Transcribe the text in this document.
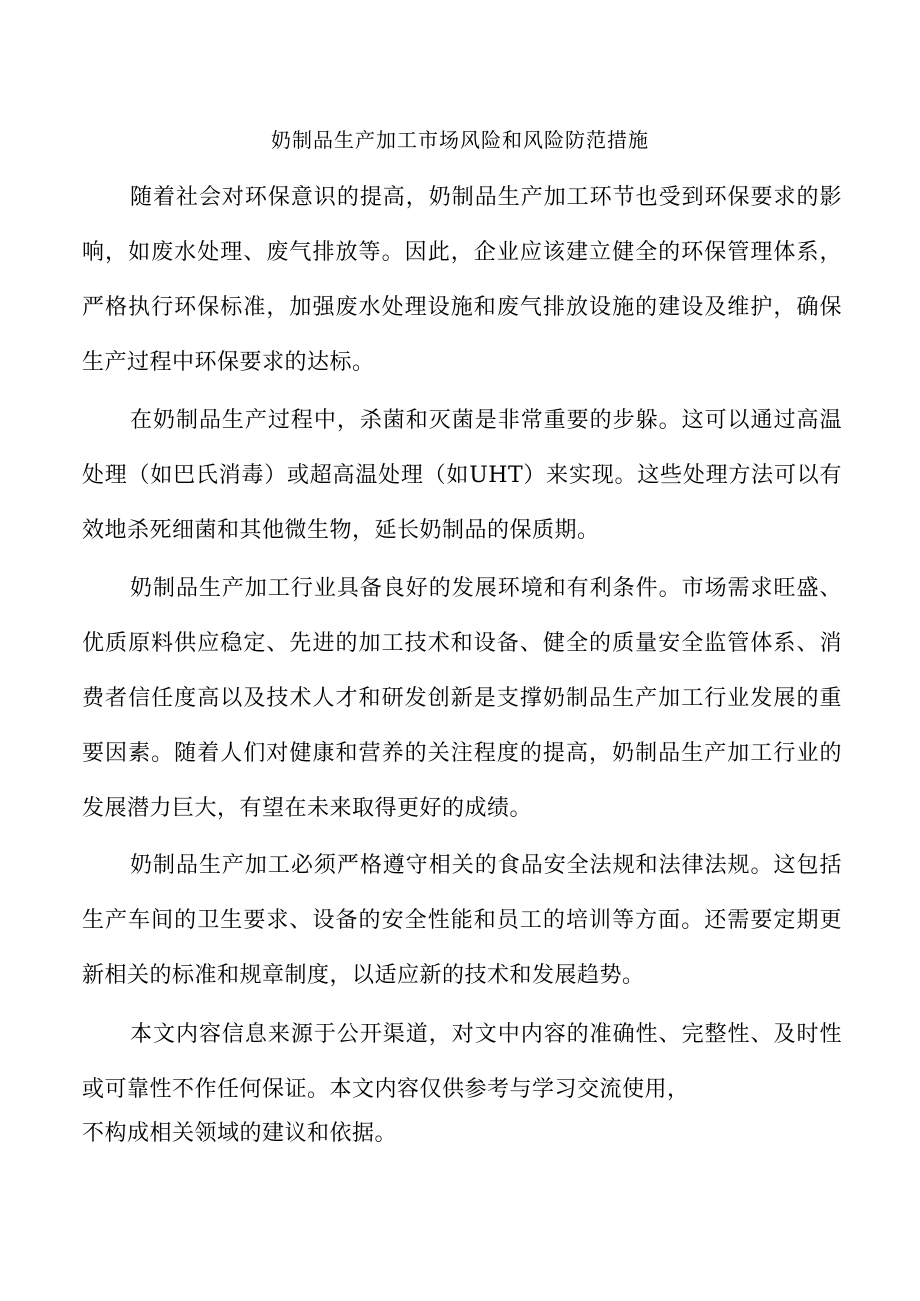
奶制品生产加工市场风险和风险防范措施
随着社会对环保意识的提高，奶制品生产加工环节也受到环保要求的影响，如废水处理、废气排放等。因此，企业应该建立健全的环保管理体系，严格执行环保标准，加强废水处理设施和废气排放设施的建设及维护，确保生产过程中环保要求的达标。
在奶制品生产过程中，杀菌和灭菌是非常重要的步躲。这可以通过高温处理（如巴氏消毒）或超高温处理（如UHT）来实现。这些处理方法可以有效地杀死细菌和其他微生物，延长奶制品的保质期。
奶制品生产加工行业具备良好的发展环境和有利条件。市场需求旺盛、优质原料供应稳定、先进的加工技术和设备、健全的质量安全监管体系、消费者信任度高以及技术人才和研发创新是支撑奶制品生产加工行业发展的重要因素。随着人们对健康和营养的关注程度的提高，奶制品生产加工行业的发展潜力巨大，有望在未来取得更好的成绩。
奶制品生产加工必须严格遵守相关的食品安全法规和法律法规。这包括生产车间的卫生要求、设备的安全性能和员工的培训等方面。还需要定期更新相关的标准和规章制度，以适应新的技术和发展趋势。
本文内容信息来源于公开渠道，对文中内容的准确性、完整性、及时性或可靠性不作任何保证。本文内容仅供参考与学习交流使用，
不构成相关领域的建议和依据。
